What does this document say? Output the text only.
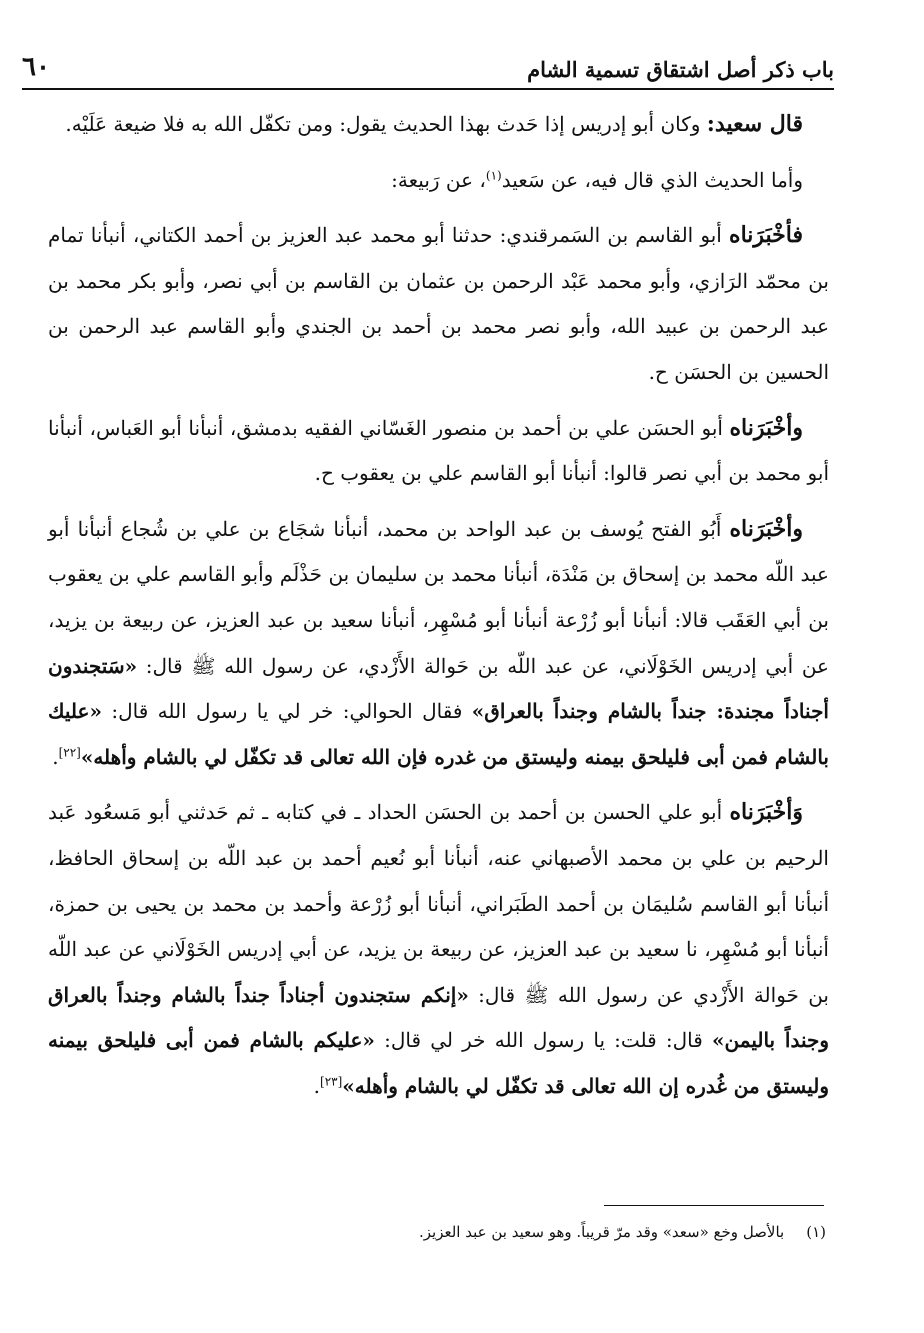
باب ذكر أصل اشتقاق تسمية الشام
٦٠

قال سعيد: وكان أبو إدريس إذا حَدث بهذا الحديث يقول: ومن تكفّل الله به فلا ضيعة عَلَيْه.

وأما الحديث الذي قال فيه، عن سَعيد$^{(١)}$، عن رَبيعة:

فأخْبَرَناه أبو القاسم بن السَمرقندي: حدثنا أبو محمد عبد العزيز بن أحمد الكتاني، أنبأنا تمام بن محمّد الرَازي، وأبو محمد عَبْد الرحمن بن عثمان بن القاسم بن أبي نصر، وأبو بكر محمد بن عبد الرحمن بن عبيد الله، وأبو نصر محمد بن أحمد بن الجندي وأبو القاسم عبد الرحمن بن الحسين بن الحسَن ح.

وأخْبَرَناه أبو الحسَن علي بن أحمد بن منصور الغَسّاني الفقيه بدمشق، أنبأنا أبو العَباس، أنبأنا أبو محمد بن أبي نصر قالوا: أنبأنا أبو القاسم علي بن يعقوب ح.

وأخْبَرَناه أَبُو الفتح يُوسف بن عبد الواحد بن محمد، أنبأنا شجَاع بن علي بن شُجاع أنبأنا أبو عبد اللّه محمد بن إسحاق بن مَنْدَة، أنبأنا محمد بن سليمان بن حَذْلَم وأبو القاسم علي بن يعقوب بن أبي العَقَب قالا: أنبأنا أبو زُرْعة أنبأنا أبو مُسْهِر، أنبأنا سعيد بن عبد العزيز، عن ربيعة بن يزيد، عن أبي إدريس الخَوْلَاني، عن عبد اللّه بن حَوالة الأَزْدي، عن رسول الله ﷺ قال: «سَتجندون أجناداً مجندة: جنداً بالشام وجنداً بالعراق» فقال الحوالي: خر لي يا رسول الله قال: «عليك بالشام فمن أبى فليلحق بيمنه وليستق من غدره فإن الله تعالى قد تكفّل لي بالشام وأهله»[٢٢].

وَأخْبَرَناه أبو علي الحسن بن أحمد بن الحسَن الحداد ـ في كتابه ـ ثم حَدثني أبو مَسعُود عَبد الرحيم بن علي بن محمد الأصبهاني عنه، أنبأنا أبو نُعيم أحمد بن عبد اللّه بن إسحاق الحافظ، أنبأنا أبو القاسم سُليمَان بن أحمد الطَبَراني، أنبأنا أبو زُرْعة وأحمد بن محمد بن يحيى بن حمزة، أنبأنا أبو مُسْهِر، نا سعيد بن عبد العزيز، عن ربيعة بن يزيد، عن أبي إدريس الخَوْلَاني عن عبد اللّه بن حَوالة الأَزْدي عن رسول الله ﷺ قال: «إنكم ستجندون أجناداً جنداً بالشام وجنداً بالعراق وجنداً باليمن» قال: قلت: يا رسول الله خر لي قال: «عليكم بالشام فمن أبى فليلحق بيمنه وليستق من غُدره إن الله تعالى قد تكفّل لي بالشام وأهله»[٢٣].

(١)بالأصل وخع «سعد» وقد مرّ قريباً. وهو سعيد بن عبد العزيز.
